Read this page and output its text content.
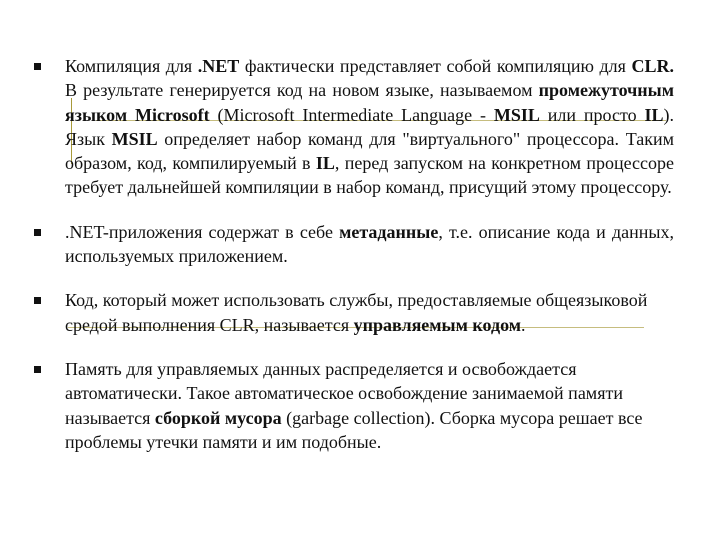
Компиляция для .NET фактически представляет собой компиляцию для CLR. В результате генерируется код на новом языке, называемом промежуточным языком Microsoft (Microsoft Intermediate Language - MSIL или просто IL). Язык MSIL определяет набор команд для "виртуального" процессора. Таким образом, код, компилируемый в IL, перед запуском на конкретном процессоре требует дальнейшей компиляции в набор команд, присущий этому процессору.
.NET-приложения содержат в себе метаданные, т.е. описание кода и данных, используемых приложением.
Код, который может использовать службы, предоставляемые общеязыковой средой выполнения CLR, называется управляемым кодом.
Память для управляемых данных распределяется и освобождается автоматически. Такое автоматическое освобождение занимаемой памяти называется сборкой мусора (garbage collection). Сборка мусора решает все проблемы утечки памяти и им подобные.
